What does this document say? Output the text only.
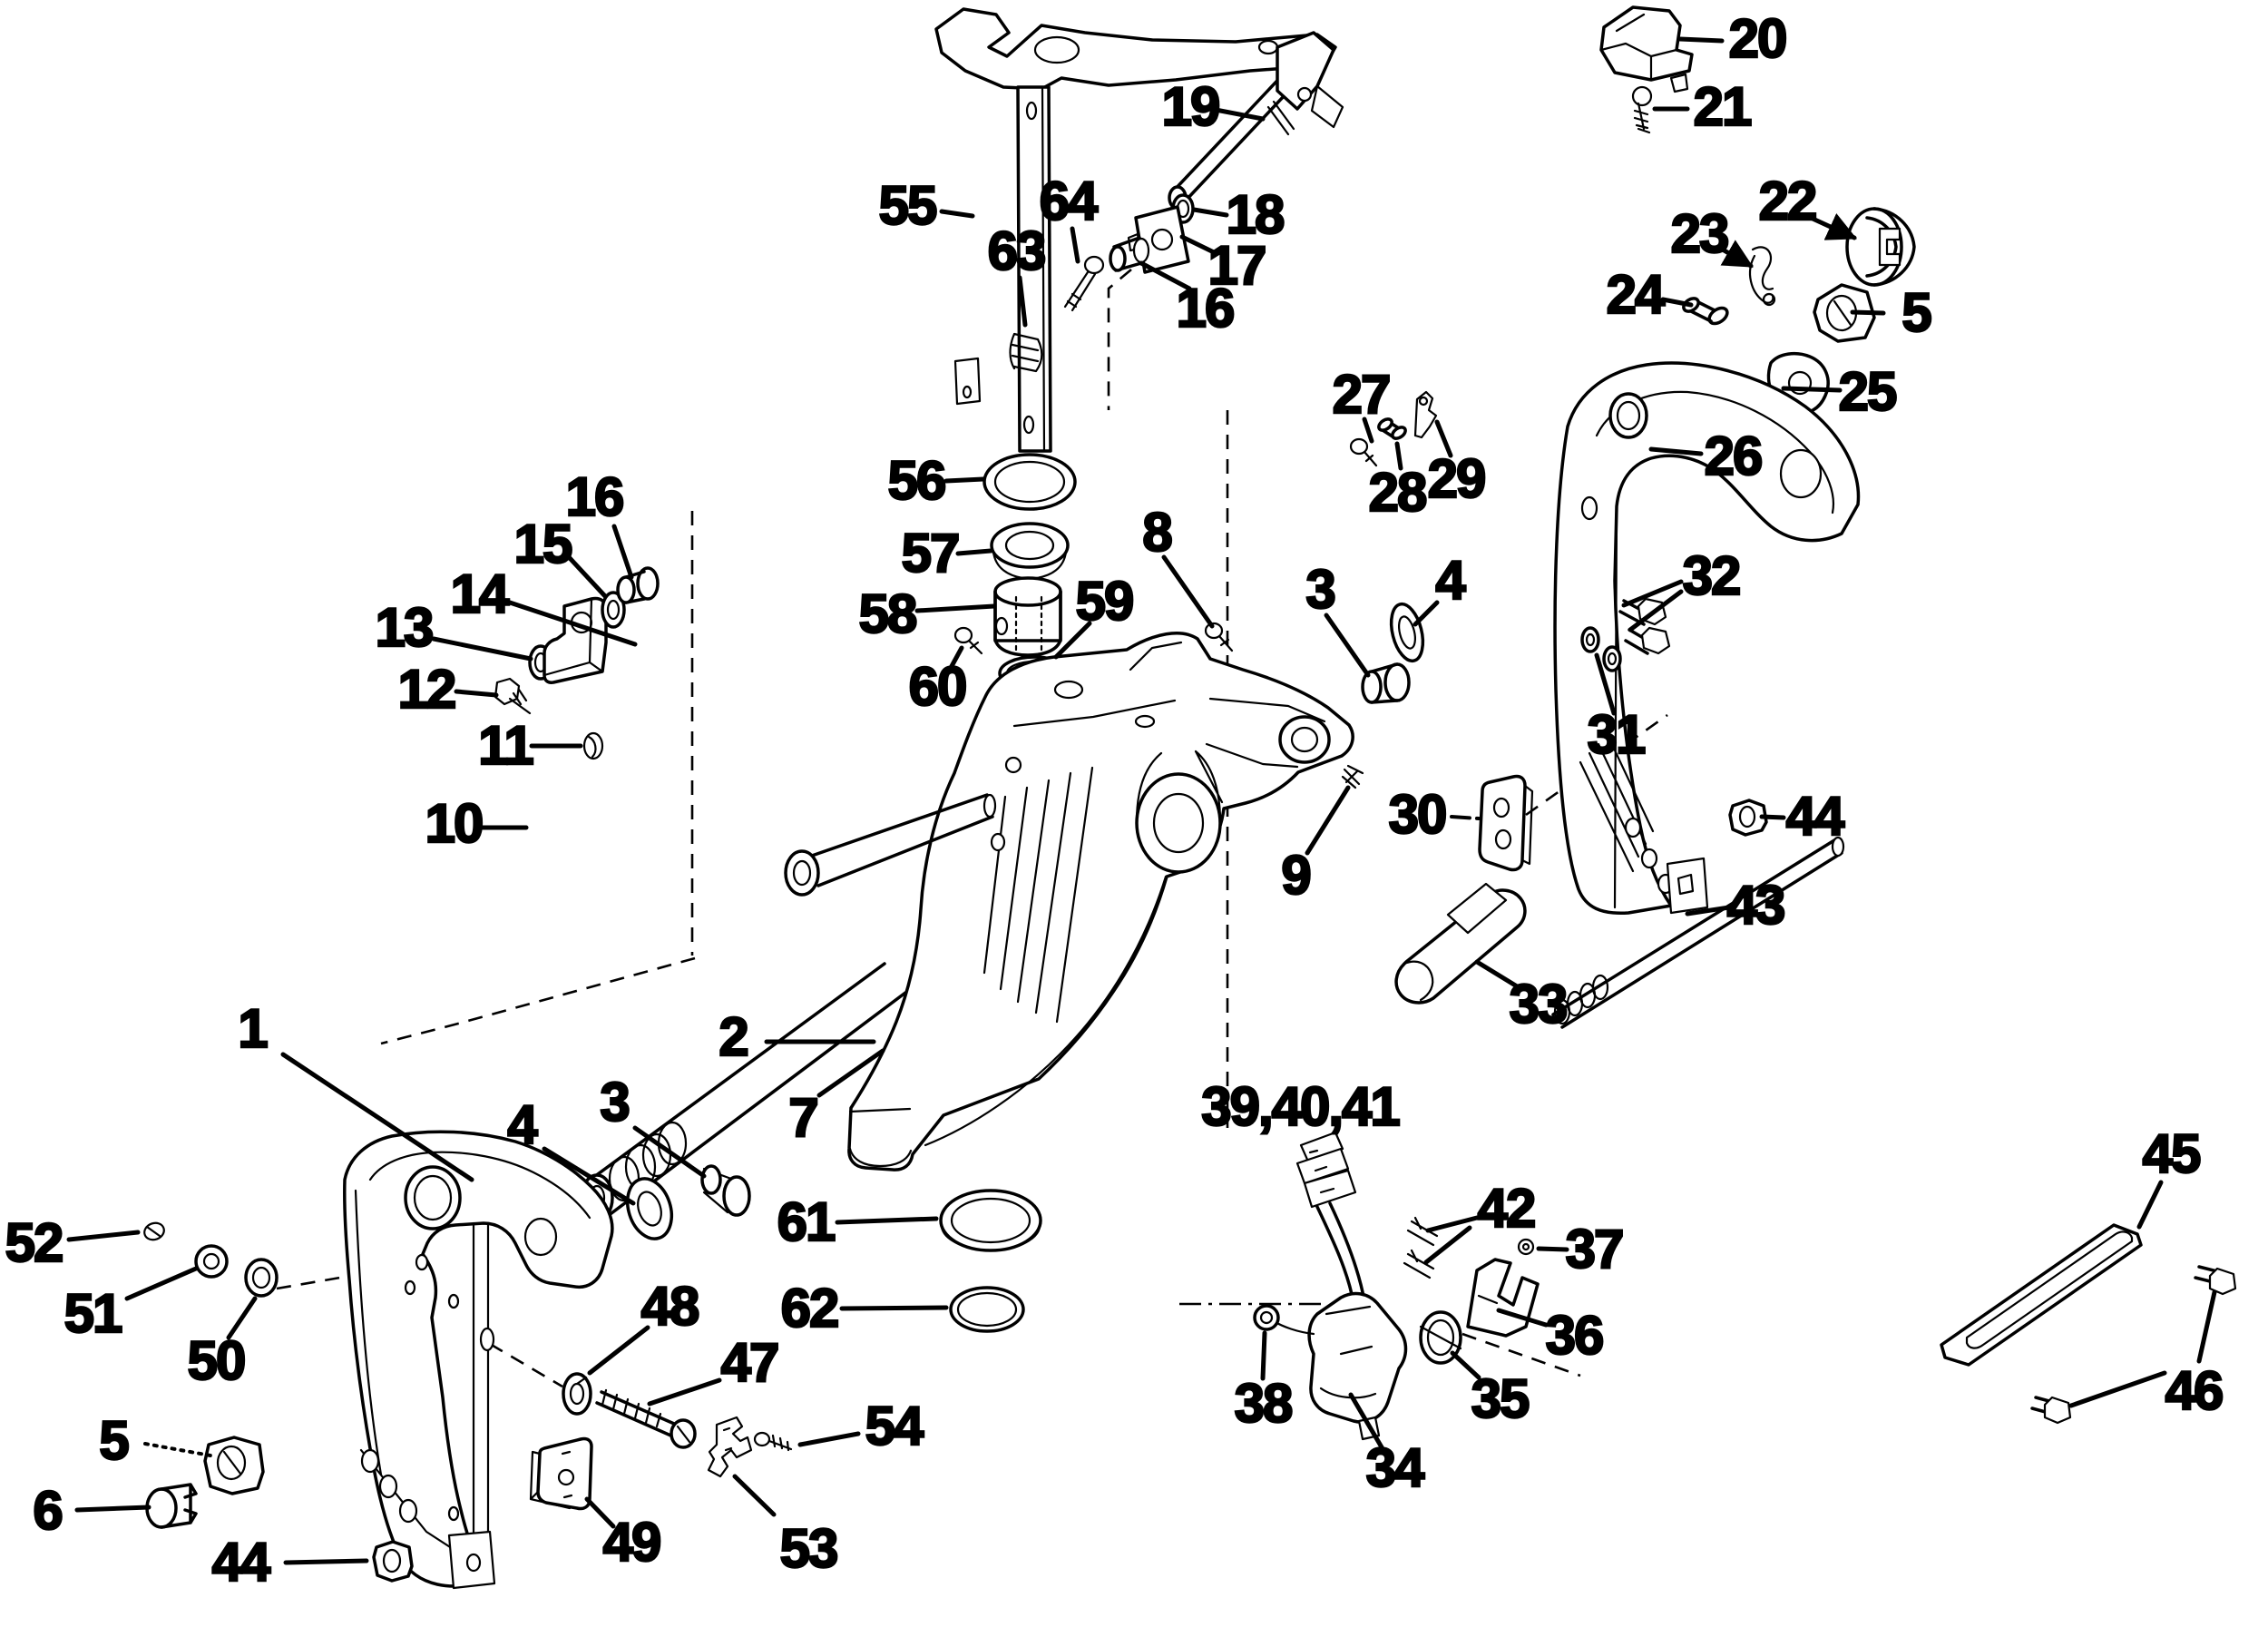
55 64
63
19
20
21
18
17
16
22
23
24	5
25
26
27
28 29
32
31
30
9
8
3 4
56
57
58	59
60
16
15
14
13
12
11
10
1	2
3
4	7
61
62
39,40,41
42
37
36
35
38
34
33
43
44
44
45
46
52
51
50
5
6
48
47
49 53
54
